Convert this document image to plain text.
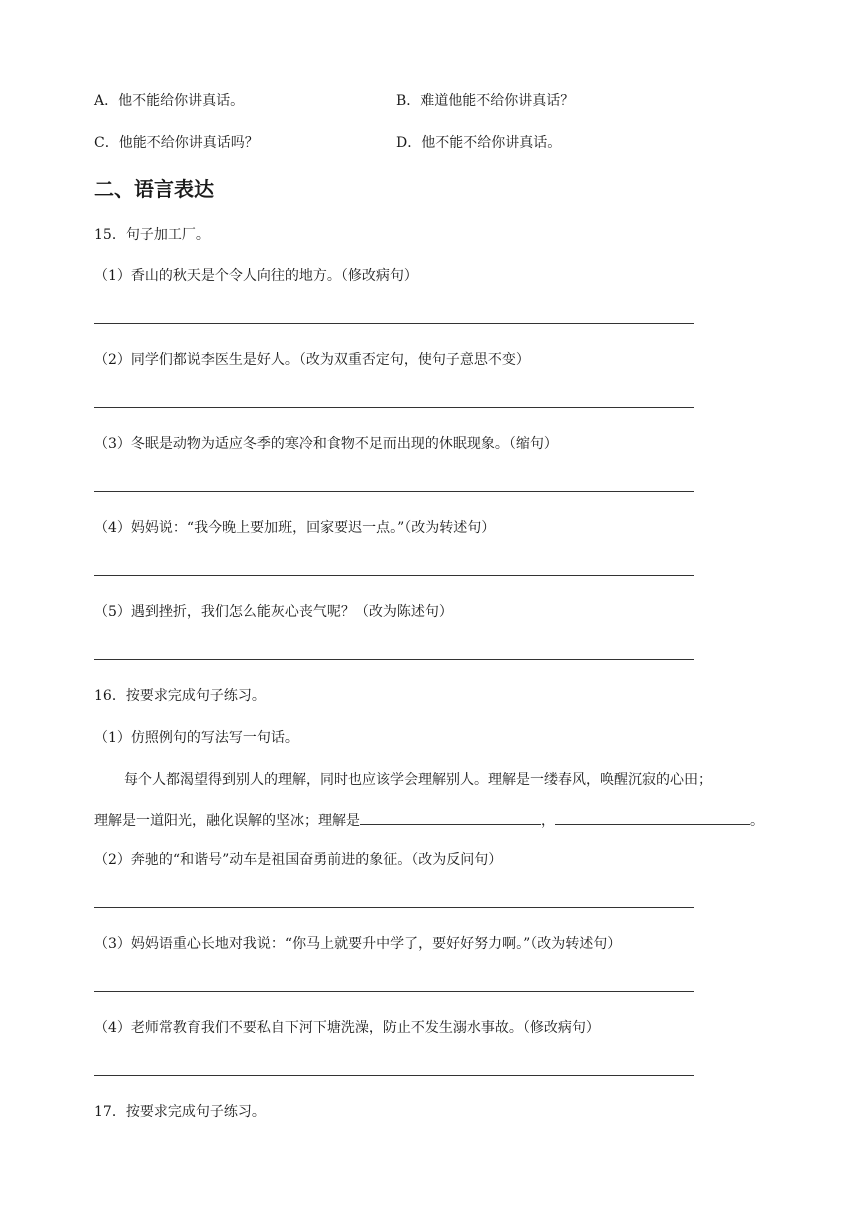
A．他不能给你讲真话。	B．难道他能不给你讲真话？
C．他能不给你讲真话吗？	D．他不能不给你讲真话。
二、语言表达
15．句子加工厂。
（1）香山的秋天是个令人向往的地方。（修改病句）
（2）同学们都说李医生是好人。（改为双重否定句，使句子意思不变）
（3）冬眠是动物为适应冬季的寒冷和食物不足而出现的休眠现象。（缩句）
（4）妈妈说：“我今晚上要加班，回家要迟一点。”（改为转述句）
（5）遇到挫折，我们怎么能灰心丧气呢？（改为陈述句）
16．按要求完成句子练习。
（1）仿照例句的写法写一句话。
每个人都渴望得到别人的理解，同时也应该学会理解别人。理解是一缕春风，唤醒沉寂的心田；
理解是一道阳光，融化误解的坚冰；理解是	，	。
（2）奔驰的“和谐号”动车是祖国奋勇前进的象征。（改为反问句）
（3）妈妈语重心长地对我说：“你马上就要升中学了，要好好努力啊。”（改为转述句）
（4）老师常教育我们不要私自下河下塘洗澡，防止不发生溺水事故。（修改病句）
17．按要求完成句子练习。
